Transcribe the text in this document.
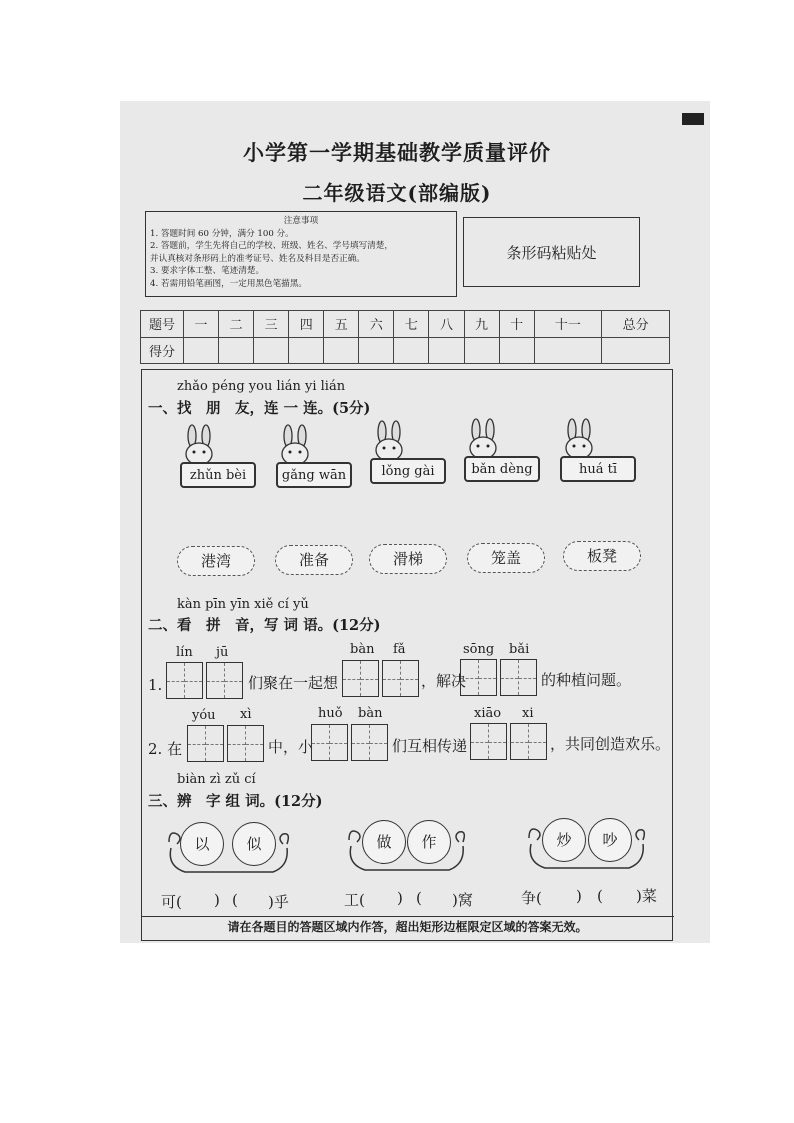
小学第一学期基础教学质量评价
二年级语文(部编版)
注意事项
1. 答题时间 60 分钟，满分 100 分。
2. 答题前，学生先将自己的学校、班级、姓名、学号填写清楚，
并认真核对条形码上的准考证号、姓名及科目是否正确。
3. 要求字体工整、笔迹清楚。
4. 若需用铅笔画图，一定用黑色笔描黑。
条形码粘贴处
题号	一	二	三	四	五	六	七	八	九	十	十一	总分
得分												
zhǎo péng you lián yi lián
一、找　朋　友，连 一 连。(5分)
zhǔn bèi	gǎng wān	lǒng gài	bǎn dèng	huá tī
港湾	准备	滑梯	笼盖	板凳
kàn pīn yīn xiě cí yǔ
二、看　拼　音，写 词 语。(12分)
lín jū	bàn fǎ	sōng bǎi
1.	们聚在一起想	，解决	的种植问题。
yóu xì	huǒ bàn	xiāo xi
2. 在	中，小	们互相传递	，共同创造欢乐。
biàn zì zǔ cí
三、辨　字 组 词。(12分)
以	似	做	作	炒	吵
可( ) ( )乎	工( ) ( )窝	争( ) ( )菜
请在各题目的答题区域内作答，超出矩形边框限定区域的答案无效。
